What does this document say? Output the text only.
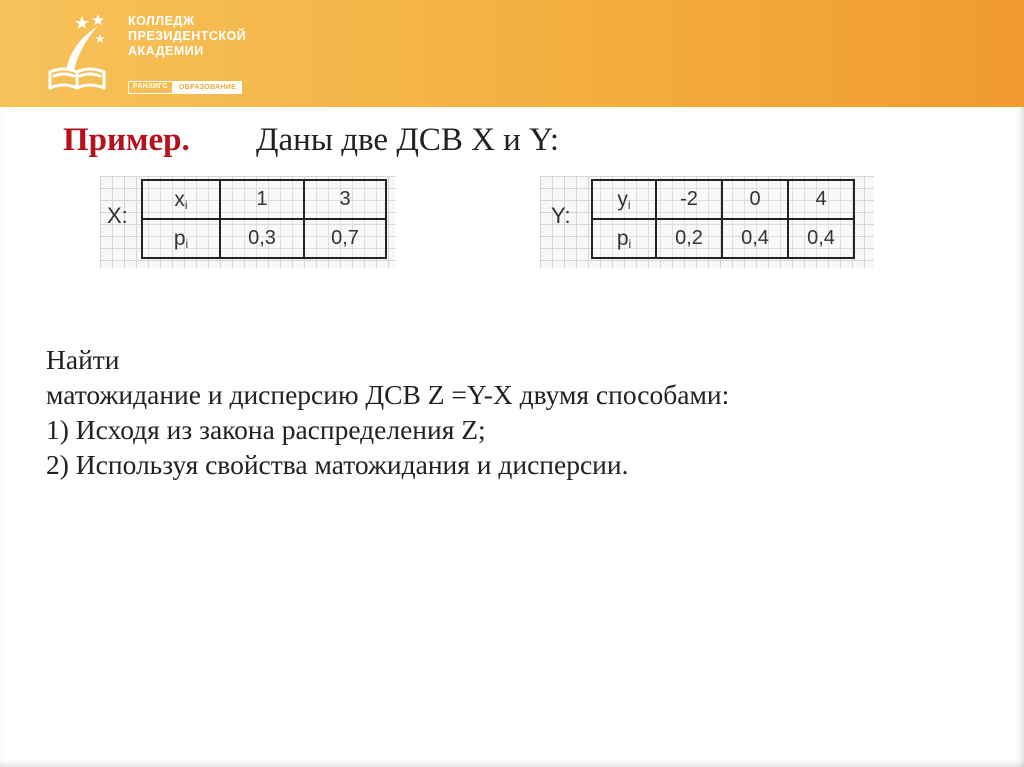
КОЛЛЕДЖ
ПРЕЗИДЕНТСКОЙ
АКАДЕМИИ
РАНХИГС	ОБРАЗОВАНИЕ
Пример. Даны две ДСВ X и Y:
X:
$x_i$	1	3
$p_i$	0,3	0,7
Y:
$y_i$	-2	0	4
$p_i$	0,2	0,4	0,4
Найти
матожидание и дисперсию ДСВ Z =Y-X двумя способами:
1) Исходя из закона распределения Z;
2) Используя свойства матожидания и дисперсии.
